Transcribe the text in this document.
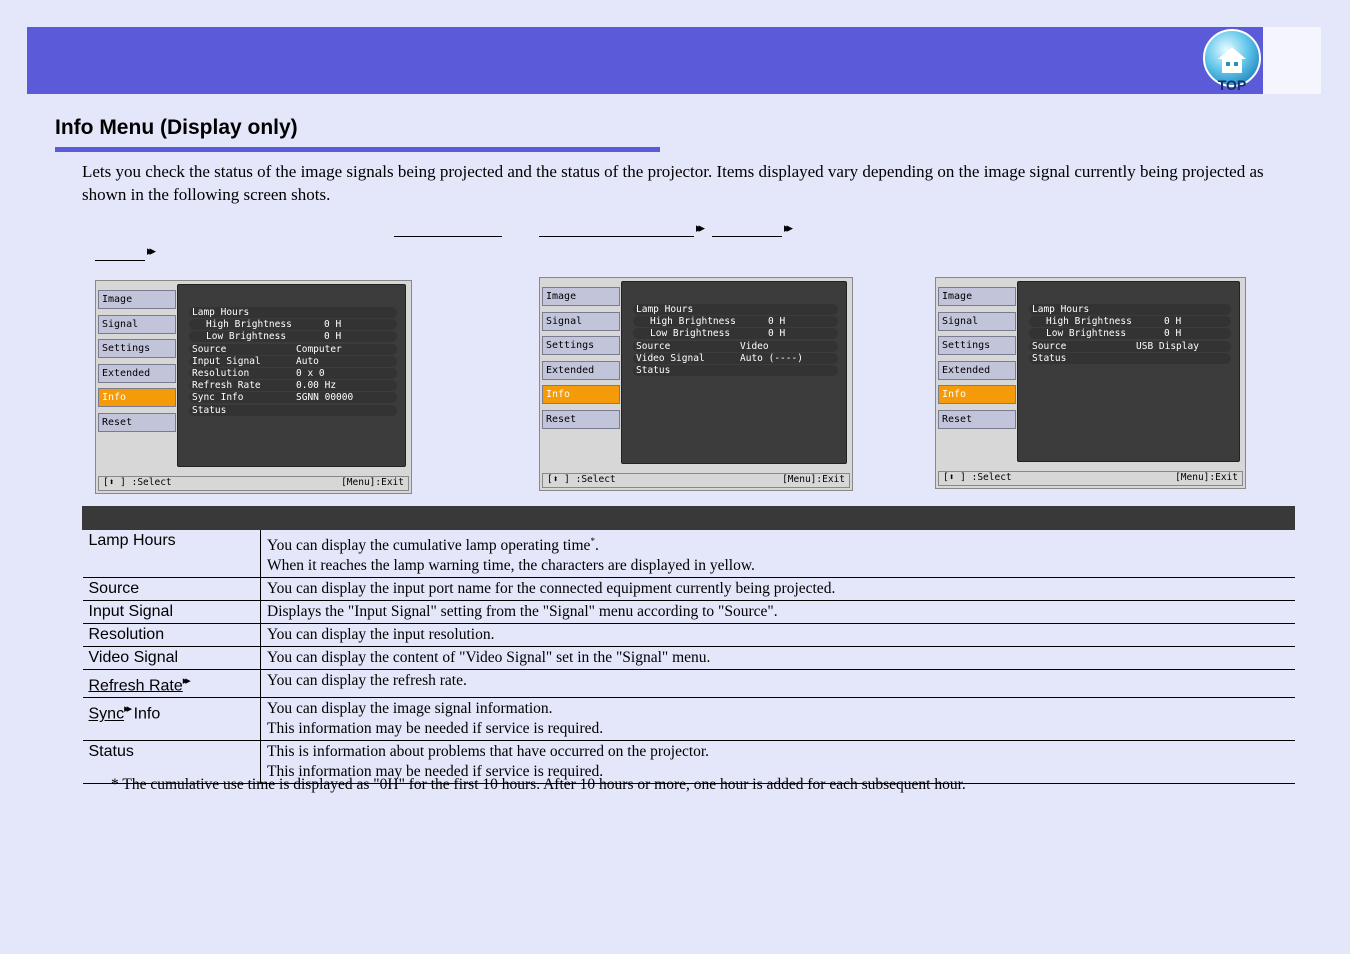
TOP
Info Menu (Display only)

Lets you check the status of the image signals being projected and the status of the projector. Items displayed vary depending on the image signal currently being projected as shown in the following screen shots.

▸▸	▸▸
▸▸
Image
Signal
Settings
Extended
Info
Reset
Lamp Hours
High Brightness	0 H
Low Brightness	0 H
Source	Computer
Input Signal	Auto
Resolution	0 x 0
Refresh Rate	0.00 Hz
Sync Info	SGNN 00000
Status
[⬍ ] :Select	[Menu]:Exit
Image
Signal
Settings
Extended
Info
Reset
Lamp Hours
High Brightness	0 H
Low Brightness	0 H
Source	Video
Video Signal	Auto (----)
Status
[⬍ ] :Select	[Menu]:Exit
Image
Signal
Settings
Extended
Info
Reset
Lamp Hours
High Brightness	0 H
Low Brightness	0 H
Source	USB Display
Status
[⬍ ] :Select	[Menu]:Exit

Lamp Hours	You can display the cumulative lamp operating time*.
When it reaches the lamp warning time, the characters are displayed in yellow.

Source	You can display the input port name for the connected equipment currently being projected.

Input Signal	Displays the "Input Signal" setting from the "Signal" menu according to "Source".

Resolution	You can display the input resolution.

Video Signal	You can display the content of "Video Signal" set in the "Signal" menu.

Refresh Rate▸▸	You can display the refresh rate.

Sync▸▸ Info	You can display the image signal information.
This information may be needed if service is required.

Status	This is information about problems that have occurred on the projector.
This information may be needed if service is required.

* The cumulative use time is displayed as "0H" for the first 10 hours. After 10 hours or more, one hour is added for each subsequent hour.
